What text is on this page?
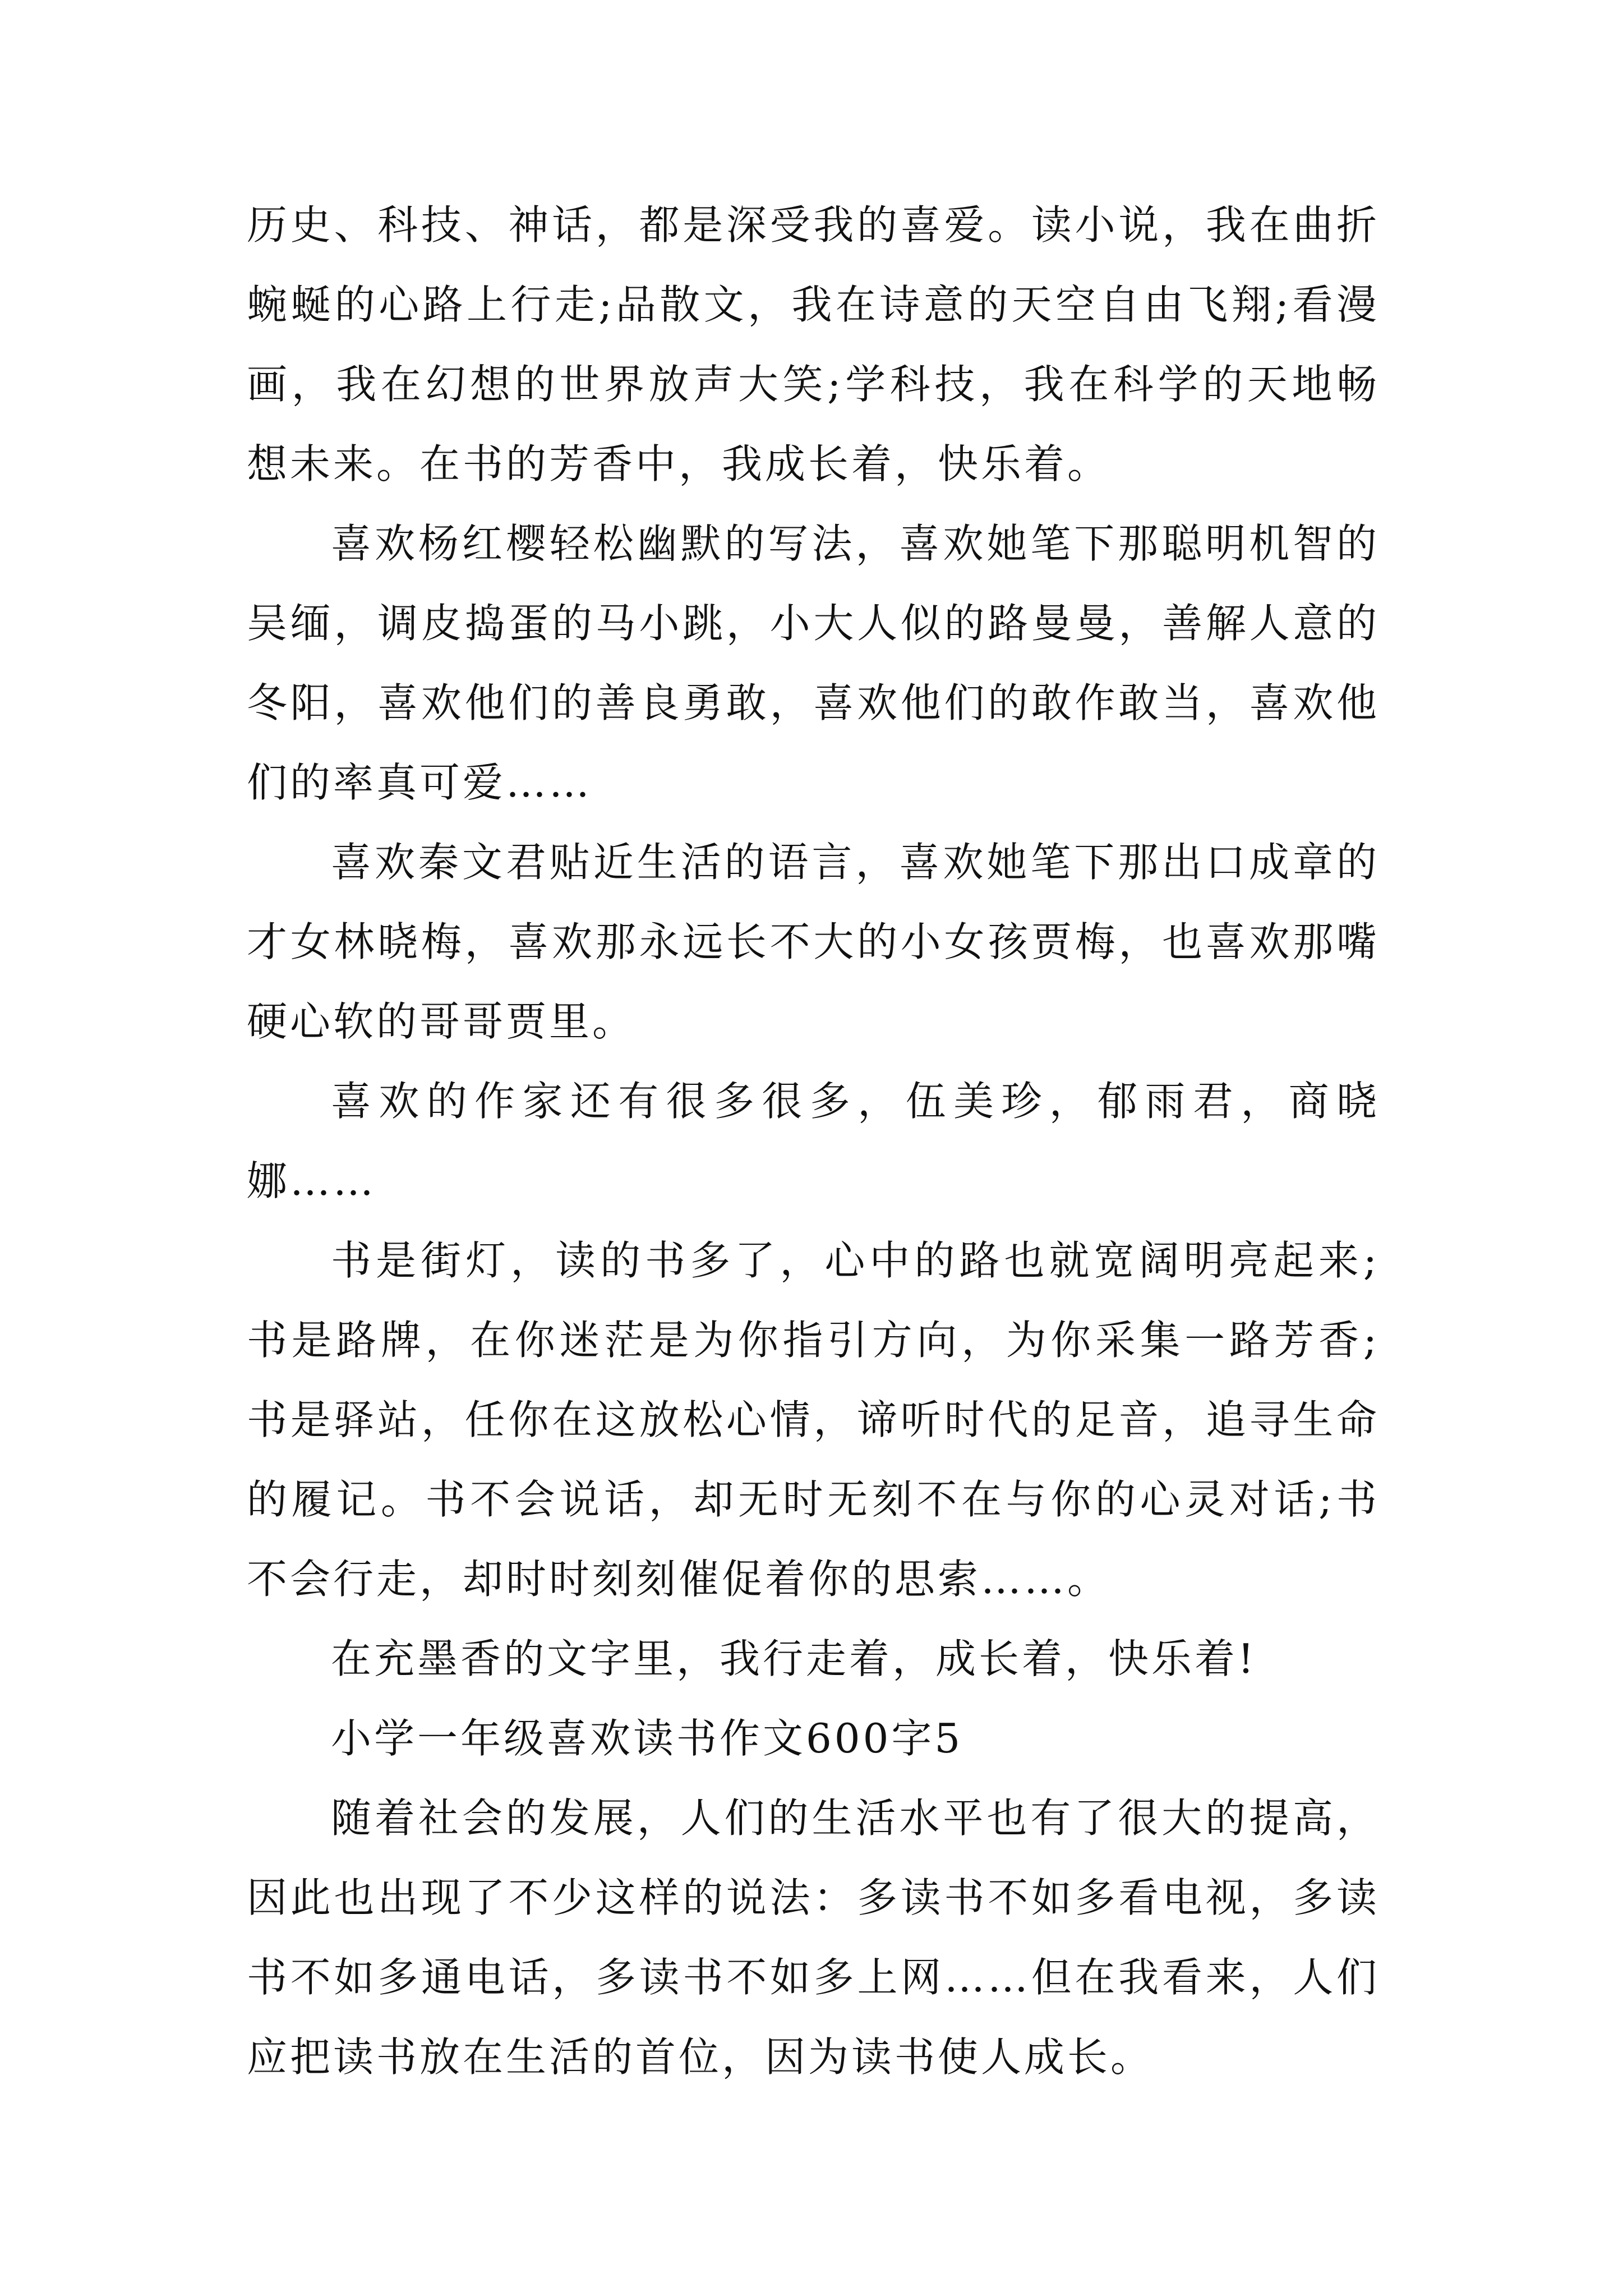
历史、科技、神话，都是深受我的喜爱。读小说，我在曲折蜿蜒的心路上行走;品散文，我在诗意的天空自由飞翔;看漫画，我在幻想的世界放声大笑;学科技，我在科学的天地畅想未来。在书的芳香中，我成长着，快乐着。

喜欢杨红樱轻松幽默的写法，喜欢她笔下那聪明机智的吴缅，调皮捣蛋的马小跳，小大人似的路曼曼，善解人意的冬阳，喜欢他们的善良勇敢，喜欢他们的敢作敢当，喜欢他们的率真可爱……

喜欢秦文君贴近生活的语言，喜欢她笔下那出口成章的才女林晓梅，喜欢那永远长不大的小女孩贾梅，也喜欢那嘴硬心软的哥哥贾里。

喜欢的作家还有很多很多，伍美珍，郁雨君，商晓娜……

书是街灯，读的书多了，心中的路也就宽阔明亮起来;书是路牌，在你迷茫是为你指引方向，为你采集一路芳香;书是驿站，任你在这放松心情，谛听时代的足音，追寻生命的履记。书不会说话，却无时无刻不在与你的心灵对话;书不会行走，却时时刻刻催促着你的思索……。

在充墨香的文字里，我行走着，成长着，快乐着!

小学一年级喜欢读书作文600字5

随着社会的发展，人们的生活水平也有了很大的提高，因此也出现了不少这样的说法：多读书不如多看电视，多读书不如多通电话，多读书不如多上网……但在我看来，人们应把读书放在生活的首位，因为读书使人成长。
